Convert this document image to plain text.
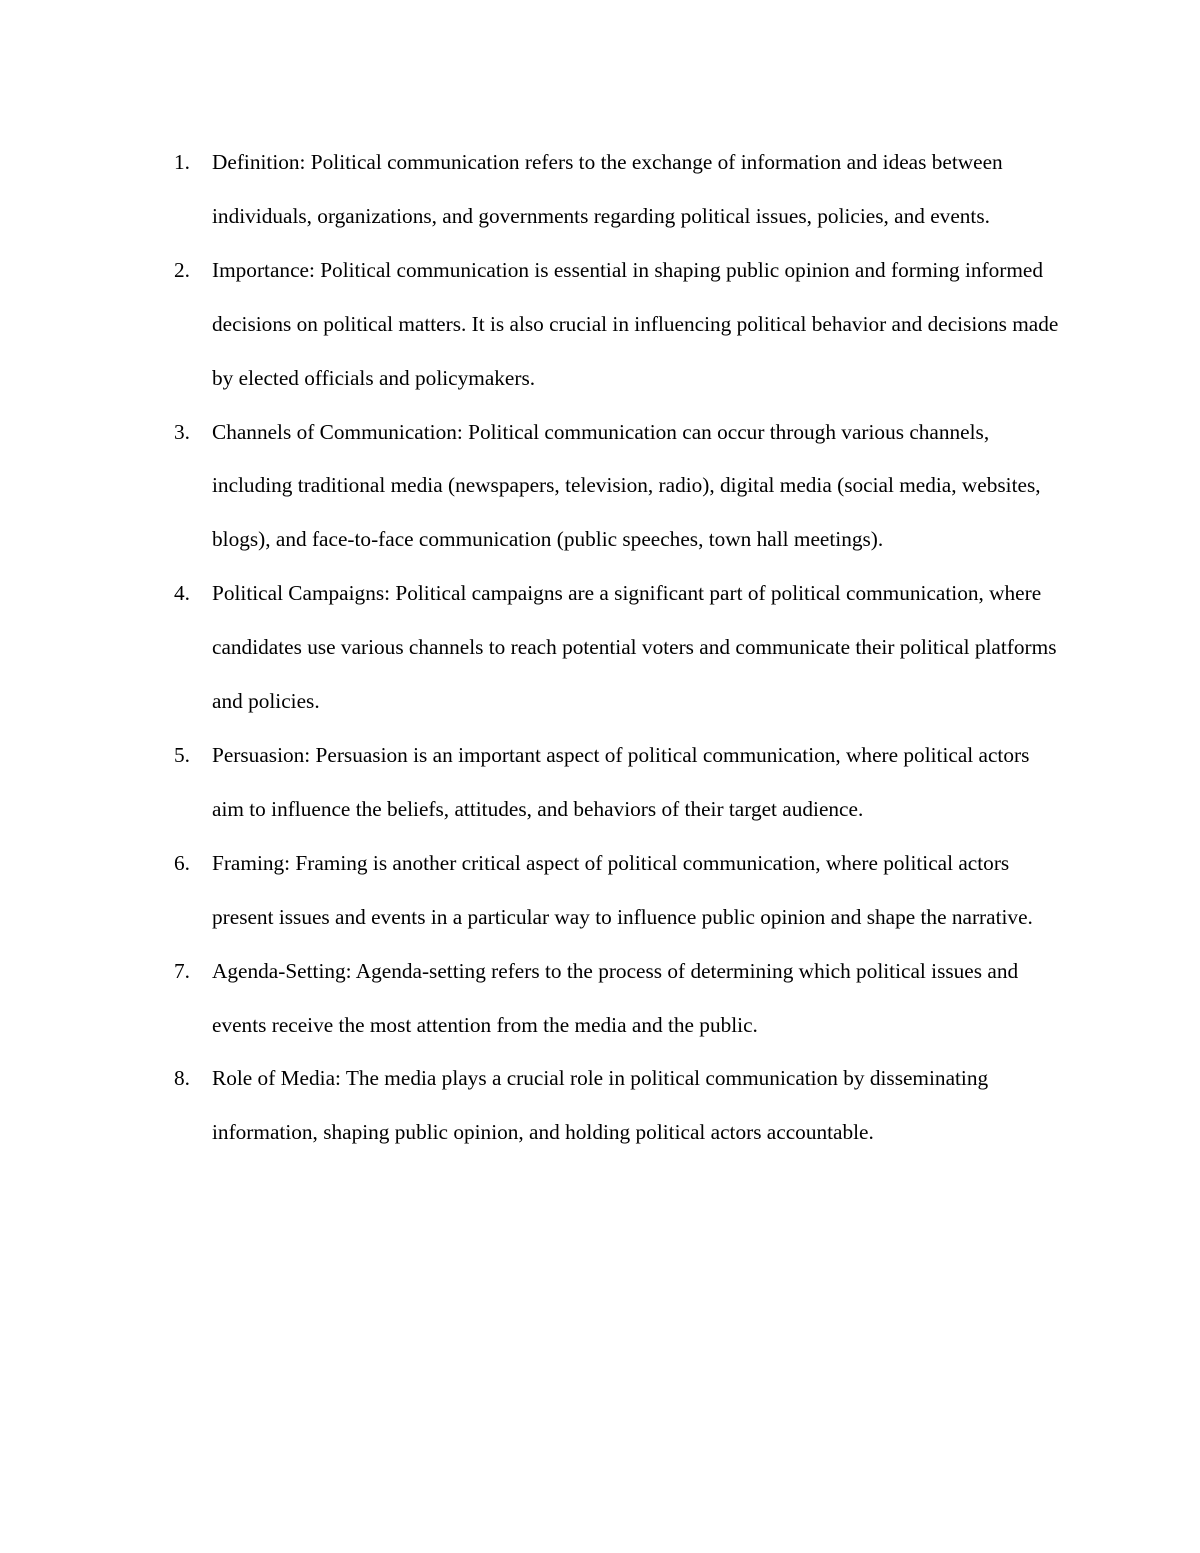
1. Definition: Political communication refers to the exchange of information and ideas between individuals, organizations, and governments regarding political issues, policies, and events.
2. Importance: Political communication is essential in shaping public opinion and forming informed decisions on political matters. It is also crucial in influencing political behavior and decisions made by elected officials and policymakers.
3. Channels of Communication: Political communication can occur through various channels, including traditional media (newspapers, television, radio), digital media (social media, websites, blogs), and face-to-face communication (public speeches, town hall meetings).
4. Political Campaigns: Political campaigns are a significant part of political communication, where candidates use various channels to reach potential voters and communicate their political platforms and policies.
5. Persuasion: Persuasion is an important aspect of political communication, where political actors aim to influence the beliefs, attitudes, and behaviors of their target audience.
6. Framing: Framing is another critical aspect of political communication, where political actors present issues and events in a particular way to influence public opinion and shape the narrative.
7. Agenda-Setting: Agenda-setting refers to the process of determining which political issues and events receive the most attention from the media and the public.
8. Role of Media: The media plays a crucial role in political communication by disseminating information, shaping public opinion, and holding political actors accountable.
